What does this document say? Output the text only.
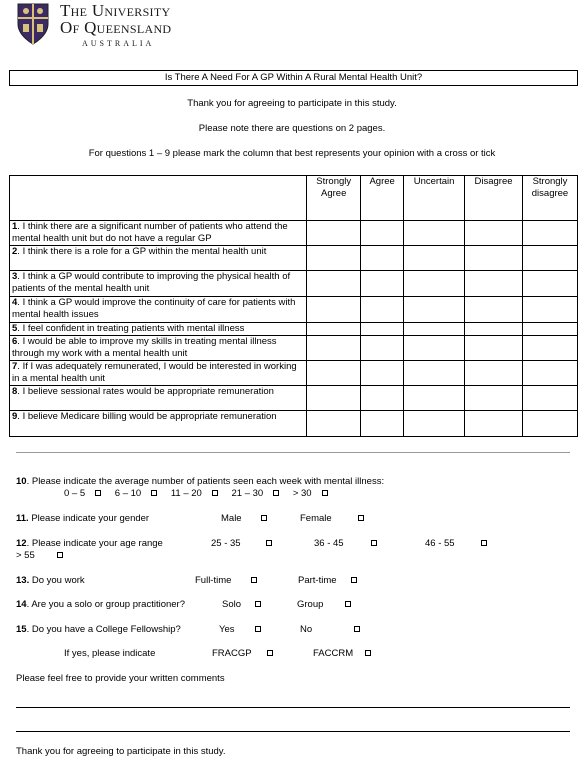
The University
Of Queensland
AUSTRALIA
Is There A Need For A GP Within A Rural Mental Health Unit?
Thank you for agreeing to participate in this study.
Please note there are questions on 2 pages.
For questions 1 – 9 please mark the column that best represents your opinion with a cross or tick
	Strongly Agree	Agree	Uncertain	Disagree	Strongly disagree
1. I think there are a significant number of patients who attend the mental health unit but do not have a regular GP					
2. I think there is a role for a GP within the mental health unit					
3. I think a GP would contribute to improving the physical health of patients of the mental health unit					
4. I think a GP would improve the continuity of care for patients with mental health issues					
5. I feel confident in treating patients with mental illness					
6. I would be able to improve my skills in treating mental illness through my work with a mental health unit					
7. If I was adequately remunerated, I would be interested in working in a mental health unit					
8. I believe sessional rates would be appropriate remuneration					
9. I believe Medicare billing would be appropriate remuneration					
10. Please indicate the average number of patients seen each week with mental illness:
0 – 5	6 – 10	11 – 20	21 – 30	> 30
11. Please indicate your gender	Male	Female
12. Please indicate your age range	25 - 35	36 - 45	46 - 55
> 55
13. Do you work	Full-time	Part-time
14. Are you a solo or group practitioner?	Solo	Group
15. Do you have a College Fellowship?	Yes	No
If yes, please indicate	FRACGP	FACCRM
Please feel free to provide your written comments
Thank you for agreeing to participate in this study.
